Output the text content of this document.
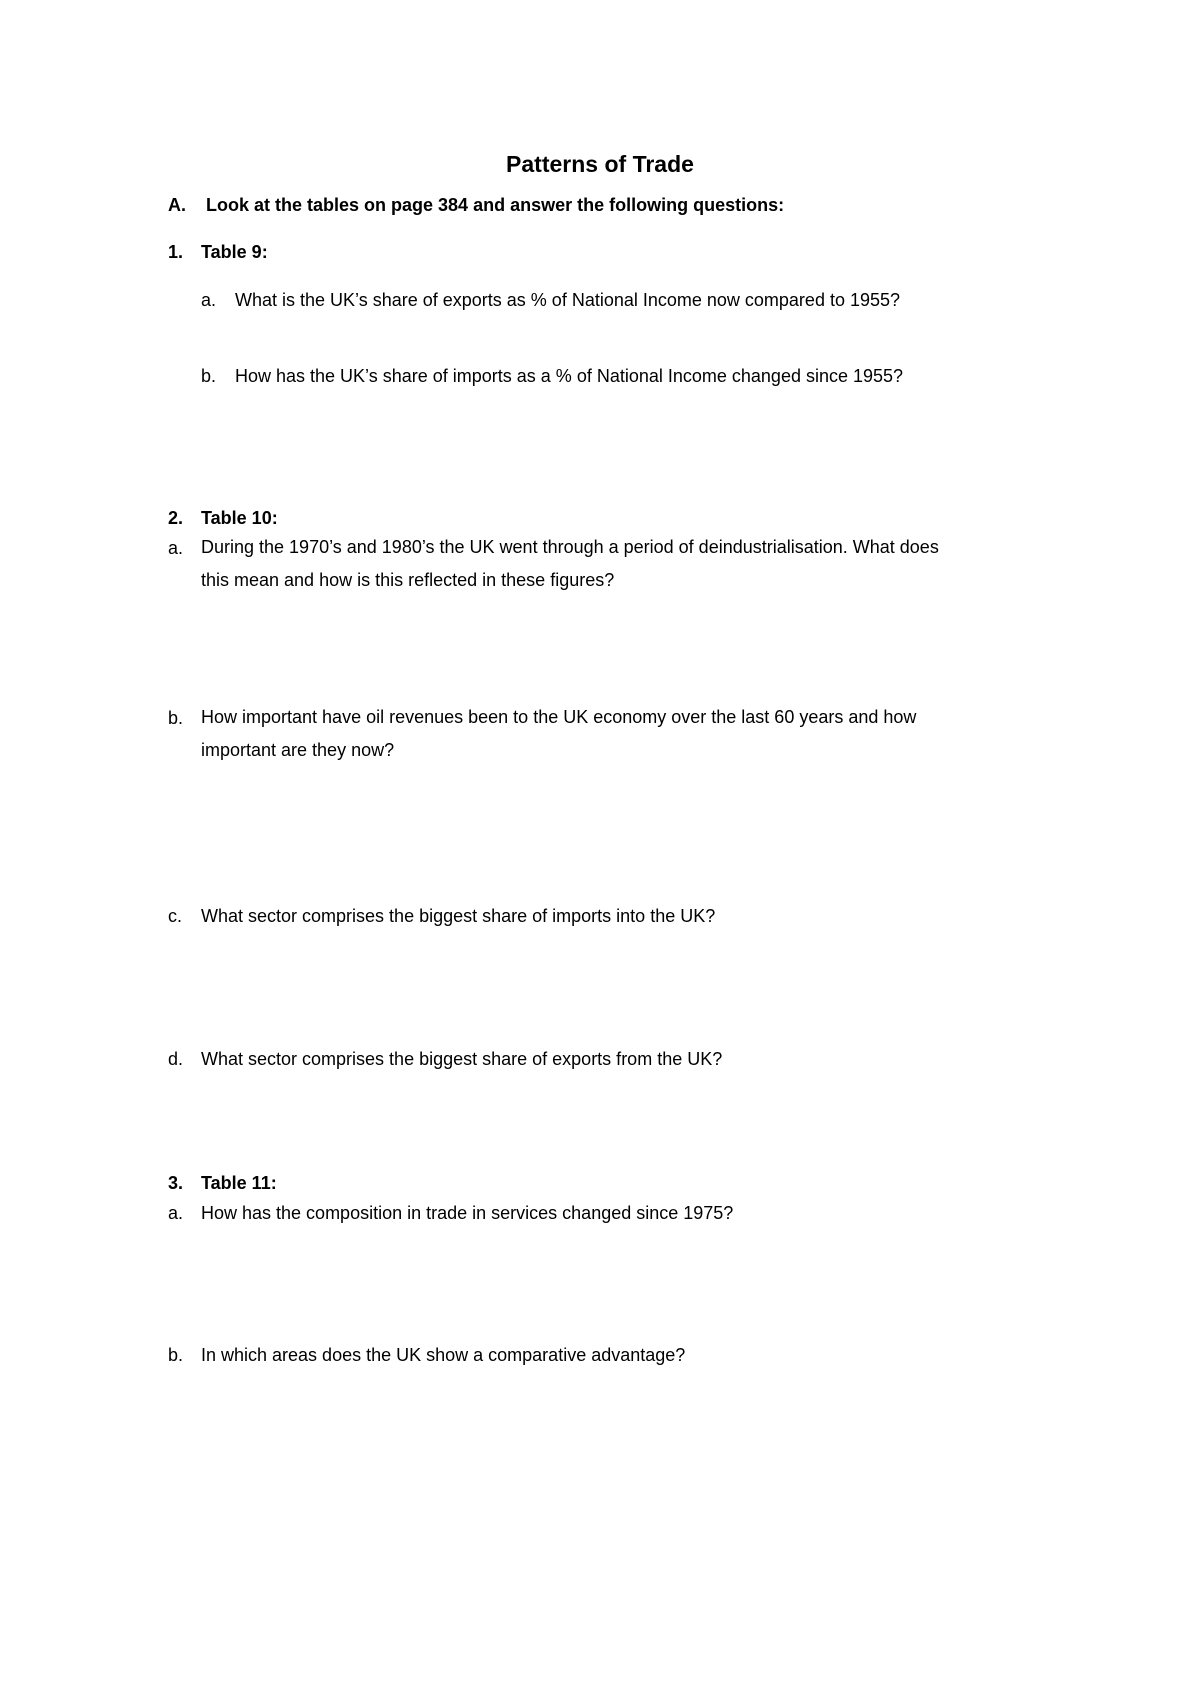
Patterns of Trade
A. Look at the tables on page 384 and answer the following questions:
1. Table 9:
a. What is the UK’s share of exports as % of National Income now compared to 1955?
b. How has the UK’s share of imports as a % of National Income changed since 1955?
2. Table 10:
a. During the 1970’s and 1980’s the UK went through a period of deindustrialisation. What does this mean and how is this reflected in these figures?
b. How important have oil revenues been to the UK economy over the last 60 years and how important are they now?
c. What sector comprises the biggest share of imports into the UK?
d. What sector comprises the biggest share of exports from the UK?
3. Table 11:
a. How has the composition in trade in services changed since 1975?
b. In which areas does the UK show a comparative advantage?
